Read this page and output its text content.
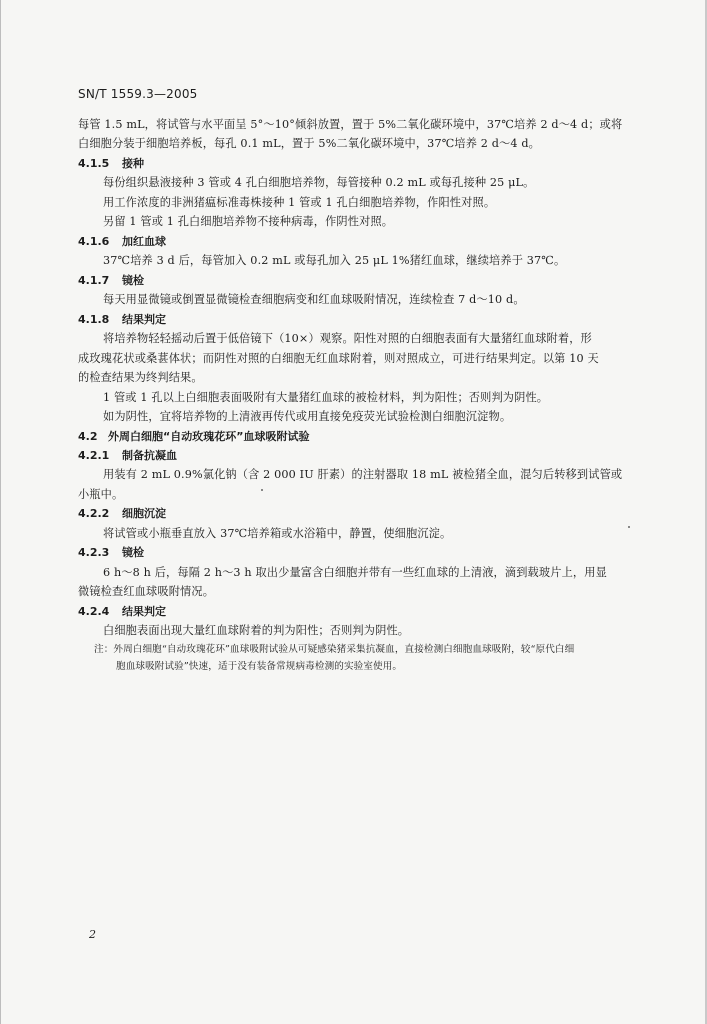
SN/T 1559.3—2005
每管 1.5 mL，将试管与水平面呈 5°～10°倾斜放置，置于 5%二氧化碳环境中，37℃培养 2 d～4 d；或将
白细胞分装于细胞培养板，每孔 0.1 mL，置于 5%二氧化碳环境中，37℃培养 2 d～4 d。
4.1.5 接种
每份组织悬液接种 3 管或 4 孔白细胞培养物，每管接种 0.2 mL 或每孔接种 25 μL。
用工作浓度的非洲猪瘟标准毒株接种 1 管或 1 孔白细胞培养物，作阳性对照。
另留 1 管或 1 孔白细胞培养物不接种病毒，作阴性对照。
4.1.6 加红血球
37℃培养 3 d 后，每管加入 0.2 mL 或每孔加入 25 μL 1%猪红血球，继续培养于 37℃。
4.1.7 镜检
每天用显微镜或倒置显微镜检查细胞病变和红血球吸附情况，连续检查 7 d～10 d。
4.1.8 结果判定
将培养物轻轻摇动后置于低倍镜下（10×）观察。阳性对照的白细胞表面有大量猪红血球附着，形
成玫瑰花状或桑葚体状；而阴性对照的白细胞无红血球附着，则对照成立，可进行结果判定。以第 10 天
的检查结果为终判结果。
1 管或 1 孔以上白细胞表面吸附有大量猪红血球的被检材料，判为阳性；否则判为阴性。
如为阴性，宜将培养物的上清液再传代或用直接免疫荧光试验检测白细胞沉淀物。
4.2 外周白细胞“自动玫瑰花环”血球吸附试验
4.2.1 制备抗凝血
用装有 2 mL 0.9%氯化钠（含 2 000 IU 肝素）的注射器取 18 mL 被检猪全血，混匀后转移到试管或
小瓶中。
4.2.2 细胞沉淀
将试管或小瓶垂直放入 37℃培养箱或水浴箱中，静置，使细胞沉淀。
4.2.3 镜检
6 h～8 h 后，每隔 2 h～3 h 取出少量富含白细胞并带有一些红血球的上清液，滴到载玻片上，用显
微镜检查红血球吸附情况。
4.2.4 结果判定
白细胞表面出现大量红血球附着的判为阳性；否则判为阴性。
注：外周白细胞“自动玫瑰花环”血球吸附试验从可疑感染猪采集抗凝血，直接检测白细胞血球吸附，较“原代白细
胞血球吸附试验”快速，适于没有装备常规病毒检测的实验室使用。
2
